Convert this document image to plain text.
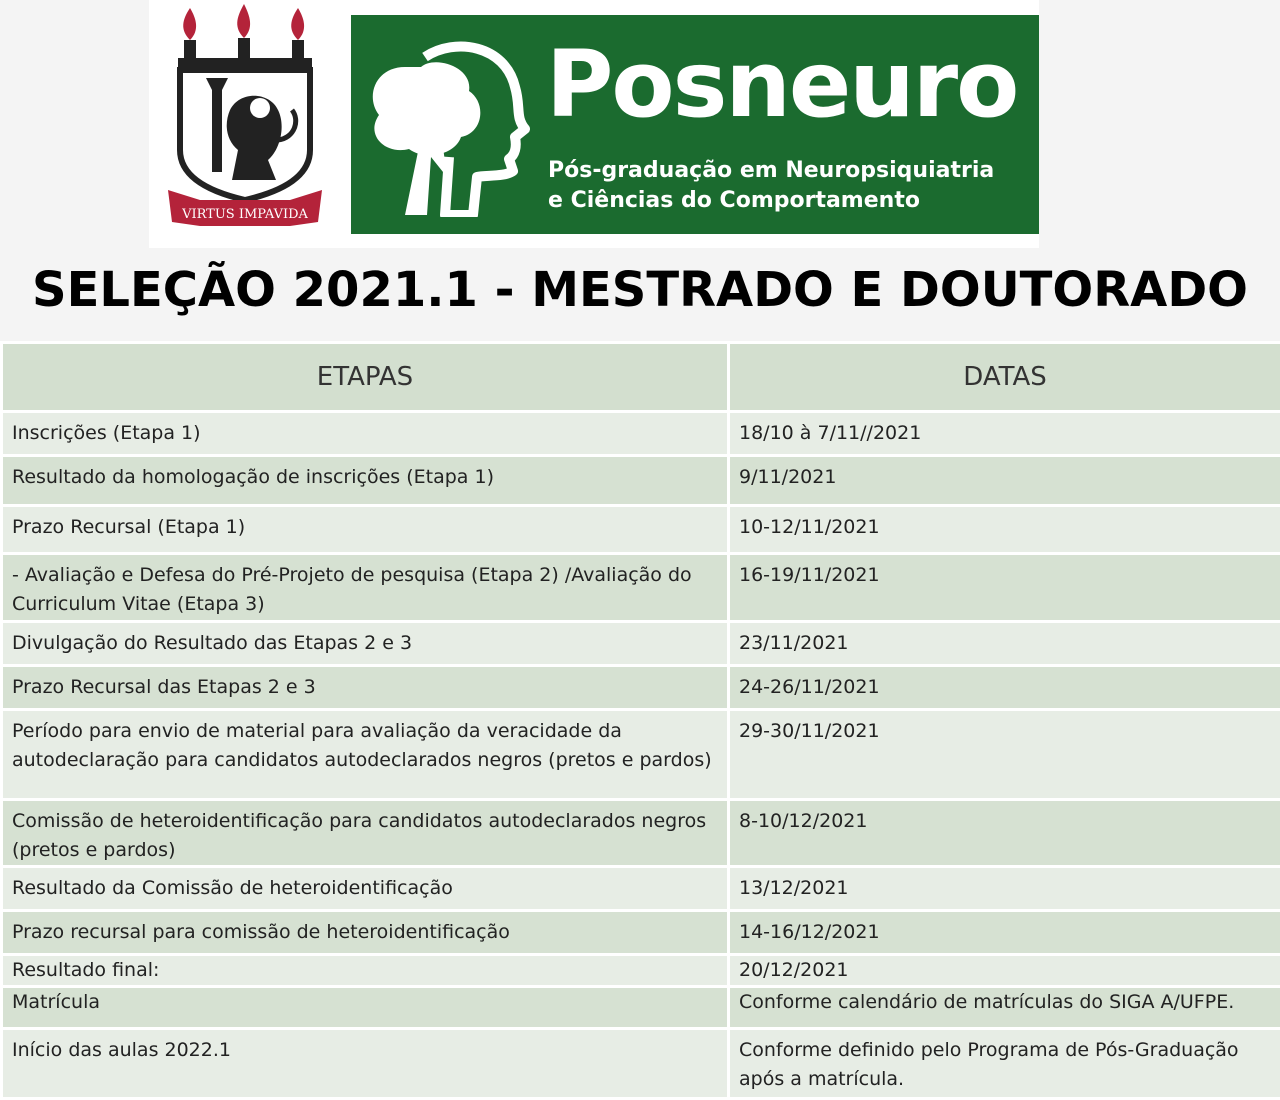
VIRTUS IMPAVIDA
Posneuro
Pós-graduação em Neuropsiquiatria
e Ciências do Comportamento
SELEÇÃO 2021.1 - MESTRADO E DOUTORADO
ETAPAS	DATAS
Inscrições (Etapa 1)	18/10 à 7/11//2021
Resultado da homologação de inscrições (Etapa 1)	9/11/2021
Prazo Recursal (Etapa 1)	10-12/11/2021
- Avaliação e Defesa do Pré-Projeto de pesquisa (Etapa 2) /Avaliação do Curriculum Vitae (Etapa 3)	16-19/11/2021
Divulgação do Resultado das Etapas 2 e 3	23/11/2021
Prazo Recursal das Etapas 2 e 3	24-26/11/2021
Período para envio de material para avaliação da veracidade da autodeclaração para candidatos autodeclarados negros (pretos e pardos)	29-30/11/2021
Comissão de heteroidentificação para candidatos autodeclarados negros (pretos e pardos)	8-10/12/2021
Resultado da Comissão de heteroidentificação	13/12/2021
Prazo recursal para comissão de heteroidentificação	14-16/12/2021
Resultado final:	20/12/2021
Matrícula	Conforme calendário de matrículas do SIGA A/UFPE.
Início das aulas 2022.1	Conforme definido pelo Programa de Pós-Graduação após a matrícula.
